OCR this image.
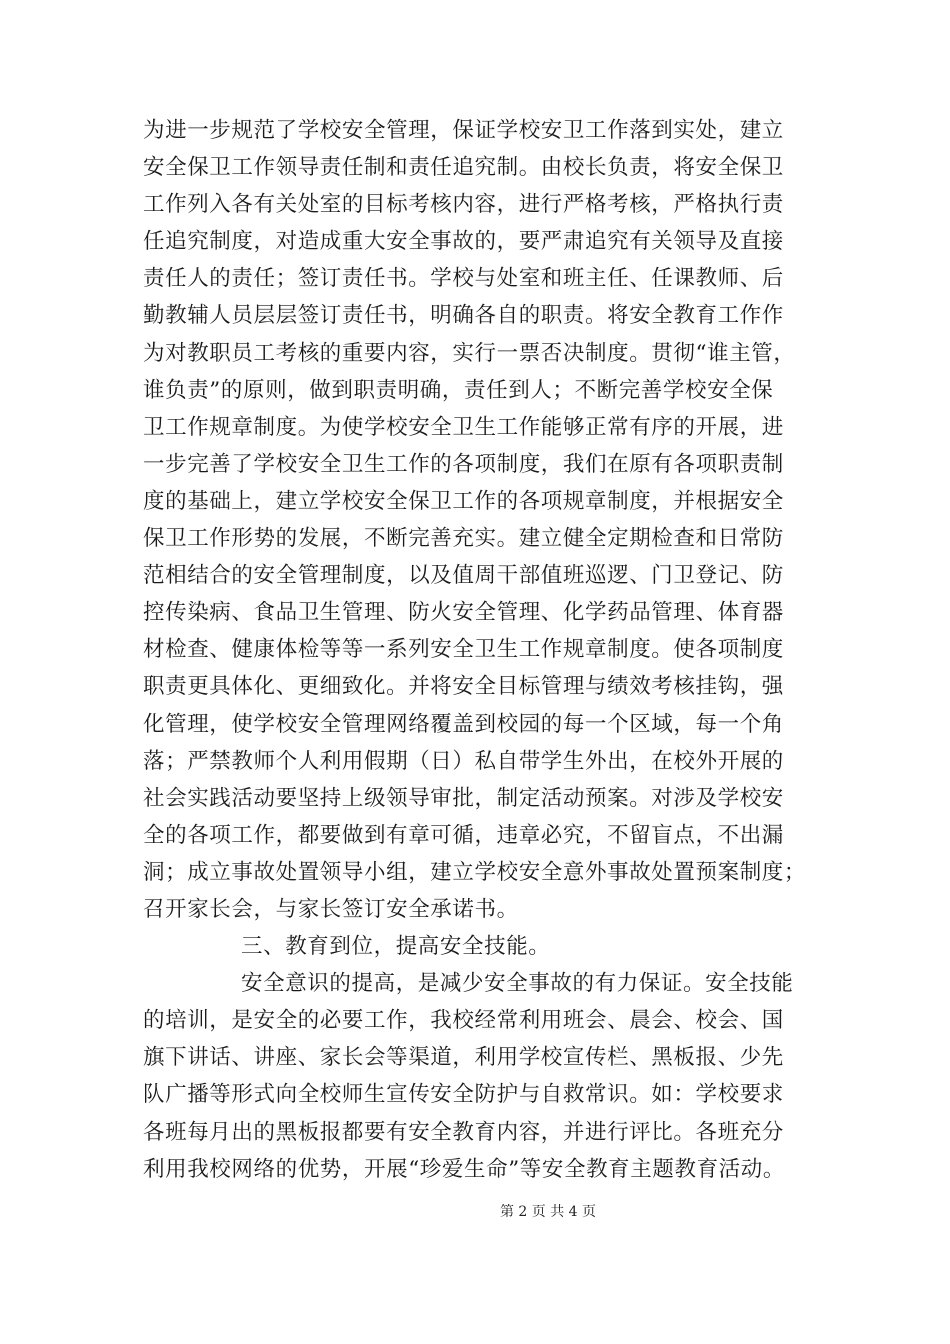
为进一步规范了学校安全管理，保证学校安卫工作落到实处，建立
安全保卫工作领导责任制和责任追究制。由校长负责，将安全保卫
工作列入各有关处室的目标考核内容，进行严格考核，严格执行责
任追究制度，对造成重大安全事故的，要严肃追究有关领导及直接
责任人的责任；签订责任书。学校与处室和班主任、任课教师、后
勤教辅人员层层签订责任书，明确各自的职责。将安全教育工作作
为对教职员工考核的重要内容，实行一票否决制度。贯彻“谁主管，
谁负责”的原则，做到职责明确，责任到人；不断完善学校安全保
卫工作规章制度。为使学校安全卫生工作能够正常有序的开展，进
一步完善了学校安全卫生工作的各项制度，我们在原有各项职责制
度的基础上，建立学校安全保卫工作的各项规章制度，并根据安全
保卫工作形势的发展，不断完善充实。建立健全定期检查和日常防
范相结合的安全管理制度，以及值周干部值班巡逻、门卫登记、防
控传染病、食品卫生管理、防火安全管理、化学药品管理、体育器
材检查、健康体检等等一系列安全卫生工作规章制度。使各项制度
职责更具体化、更细致化。并将安全目标管理与绩效考核挂钩，强
化管理，使学校安全管理网络覆盖到校园的每一个区域，每一个角
落；严禁教师个人利用假期（日）私自带学生外出，在校外开展的
社会实践活动要坚持上级领导审批，制定活动预案。对涉及学校安
全的各项工作，都要做到有章可循，违章必究，不留盲点，不出漏
洞；成立事故处置领导小组，建立学校安全意外事故处置预案制度；
召开家长会，与家长签订安全承诺书。
三、教育到位，提高安全技能。
安全意识的提高，是减少安全事故的有力保证。安全技能
的培训，是安全的必要工作，我校经常利用班会、晨会、校会、国
旗下讲话、讲座、家长会等渠道，利用学校宣传栏、黑板报、少先
队广播等形式向全校师生宣传安全防护与自救常识。如：学校要求
各班每月出的黑板报都要有安全教育内容，并进行评比。各班充分
利用我校网络的优势，开展“珍爱生命”等安全教育主题教育活动。
第 2 页 共 4 页
